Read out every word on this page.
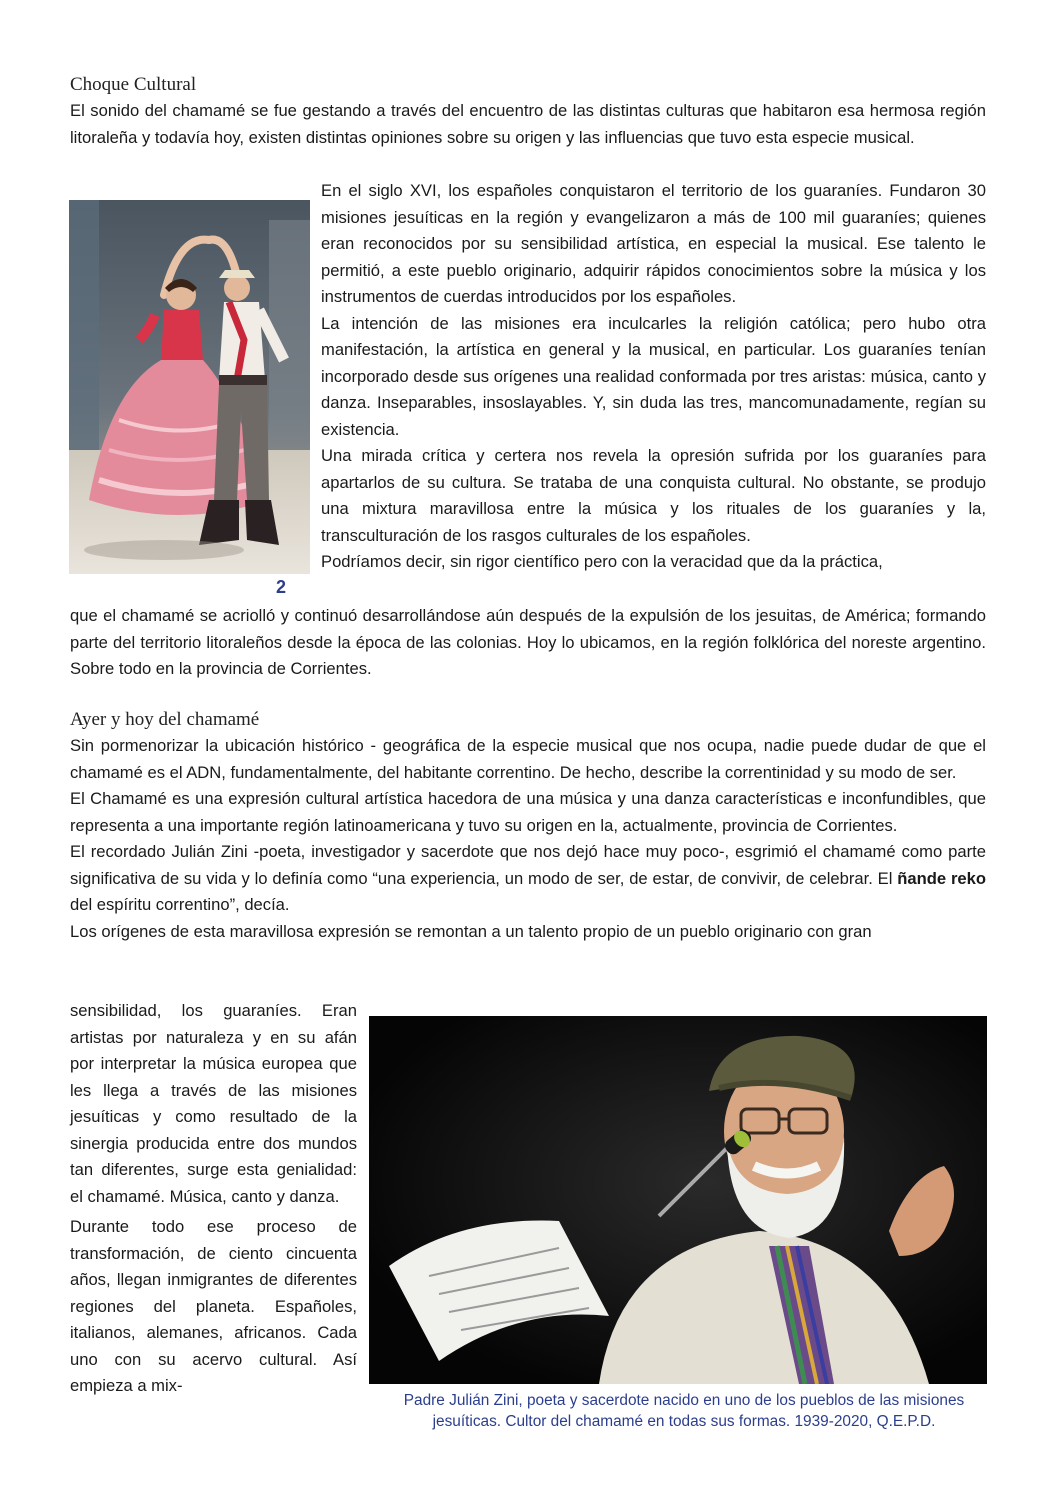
Choque Cultural

El sonido del chamamé se fue gestando a través del encuentro de las distintas culturas que habitaron esa hermosa región litoraleña y todavía hoy, existen distintas opiniones sobre su origen y las influencias que tuvo esta especie musical.

2

En el siglo XVI, los españoles conquistaron el territorio de los guaraníes. Fundaron 30 misiones jesuíticas en la región y evangelizaron a más de 100 mil guaraníes; quienes eran reconocidos por su sensibilidad artística, en especial la musical. Ese talento le permitió, a este pueblo originario, adquirir rápidos conocimientos sobre la música y los instrumentos de cuerdas introducidos por los españoles.

La intención de las misiones era inculcarles la religión católica; pero hubo otra manifestación, la artística en general y la musical, en particular. Los guaraníes tenían incorporado desde sus orígenes una realidad conformada por tres aristas: música, canto y danza. Inseparables, insoslayables. Y, sin duda las tres, mancomunadamente, regían su existencia.

Una mirada crítica y certera nos revela la opresión sufrida por los guaraníes para apartarlos de su cultura. Se trataba de una conquista cultural. No obstante, se produjo una mixtura maravillosa entre la música y los rituales de los guaraníes y la, transculturación de los rasgos culturales de los españoles.

Podríamos decir, sin rigor científico pero con la veracidad que da la práctica,

que el chamamé se acriolló y continuó desarrollándose aún después de la expulsión de los jesuitas, de América; formando parte del territorio litoraleños desde la época de las colonias. Hoy lo ubicamos, en la región folklórica del noreste argentino. Sobre todo en la provincia de Corrientes.

Ayer y hoy del chamamé

Sin pormenorizar la ubicación histórico - geográfica de la especie musical que nos ocupa, nadie puede dudar de que el chamamé es el ADN, fundamentalmente, del habitante correntino. De hecho, describe la correntinidad y su modo de ser.

El Chamamé es una expresión cultural artística hacedora de una música y una danza características e inconfundibles, que representa a una importante región latinoamericana y tuvo su origen en la, actualmente, provincia de Corrientes.

El recordado Julián Zini -poeta, investigador y sacerdote que nos dejó hace muy poco-, esgrimió el chamamé como parte significativa de su vida y lo definía como “una experiencia, un modo de ser, de estar, de convivir, de celebrar. El ñande reko del espíritu correntino”, decía.

Los orígenes de esta maravillosa expresión se remontan a un talento propio de un pueblo originario con gran

sensibilidad, los guaraníes. Eran artistas por naturaleza y en su afán por interpretar la música europea que les llega a través de las misiones jesuíticas y como resultado de la sinergia producida entre dos mundos tan diferentes, surge esta genialidad: el chamamé. Música, canto y danza.

Durante todo ese proceso de transformación, de ciento cincuenta años, llegan inmigrantes de diferentes regiones del planeta. Españoles, italianos, alemanes, africanos. Cada uno con su acervo cultural. Así empieza a mix-

Padre Julián Zini, poeta y sacerdote nacido en uno de los pueblos de las misiones jesuíticas. Cultor del chamamé en todas sus formas. 1939-2020, Q.E.P.D.
